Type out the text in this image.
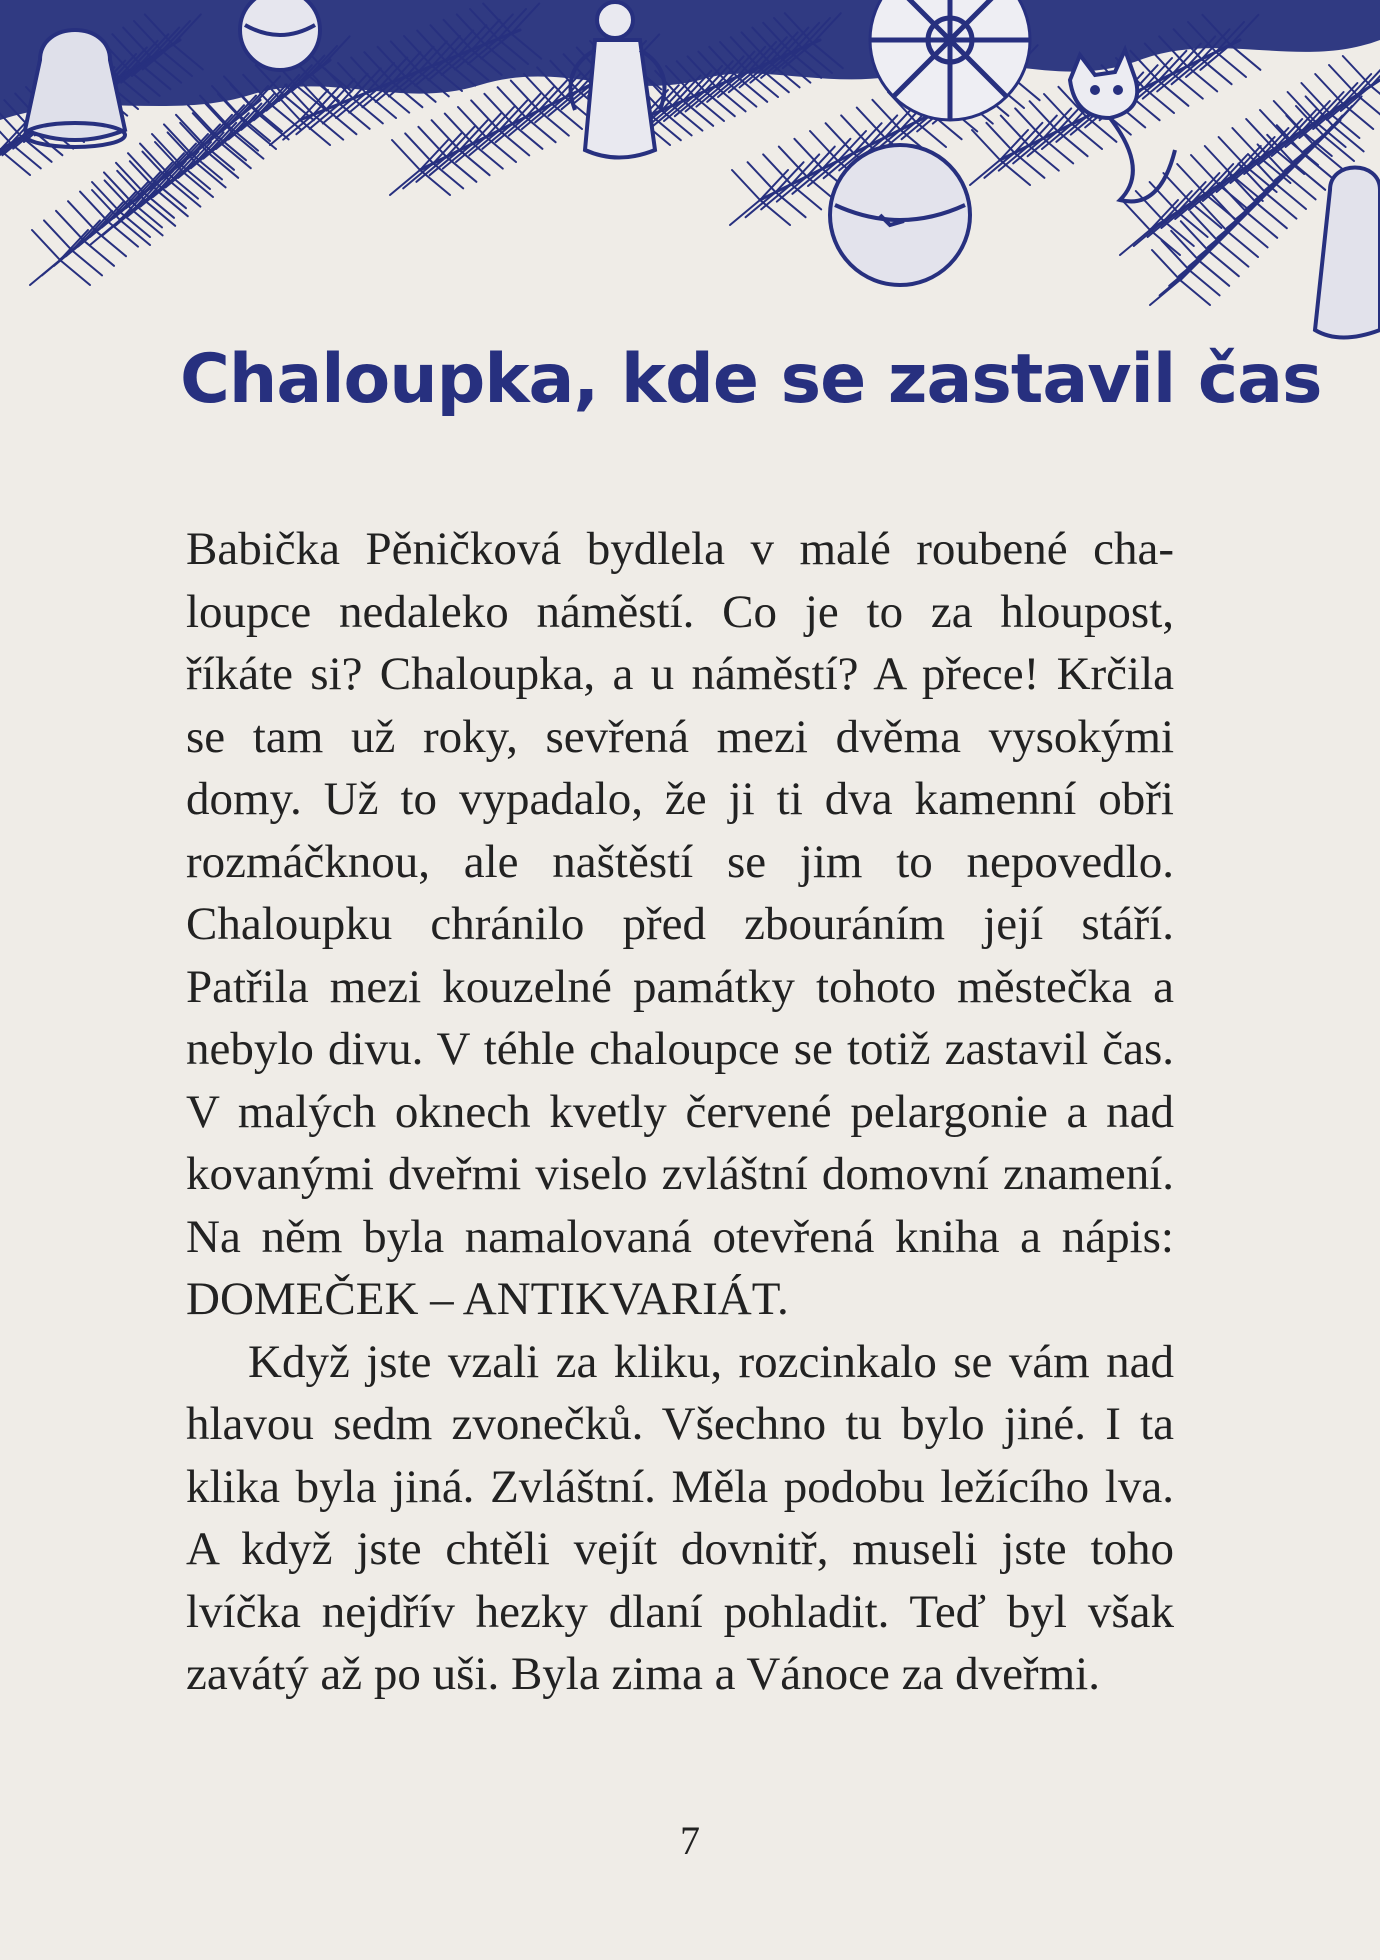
Chaloupka, kde se zastavil čas

Babička Pěničková bydlela v malé roubené chaloupce nedaleko náměstí. Co je to za hloupost, říkáte si? Chaloupka, a u náměstí? A přece! Krčila se tam už roky, sevřená mezi dvěma vysokými domy. Už to vypadalo, že ji ti dva kamenní obři rozmáčknou, ale naštěstí se jim to nepovedlo. Chaloupku chránilo před zbouráním její stáří. Patřila mezi kouzelné památky tohoto městečka a nebylo divu. V téhle chaloupce se totiž zastavil čas. V malých oknech kvetly červené pelargonie a nad kovanými dveřmi viselo zvláštní domovní znamení. Na něm byla namalovaná otevřená kniha a nápis: DOMEČEK – ANTIKVARIÁT.

Když jste vzali za kliku, rozcinkalo se vám nad hlavou sedm zvonečků. Všechno tu bylo jiné. I ta klika byla jiná. Zvláštní. Měla podobu ležícího lva. A když jste chtěli vejít dovnitř, museli jste toho lvíčka nejdřív hezky dlaní pohladit. Teď byl však zavátý až po uši. Byla zima a Vánoce za dveřmi.

7
